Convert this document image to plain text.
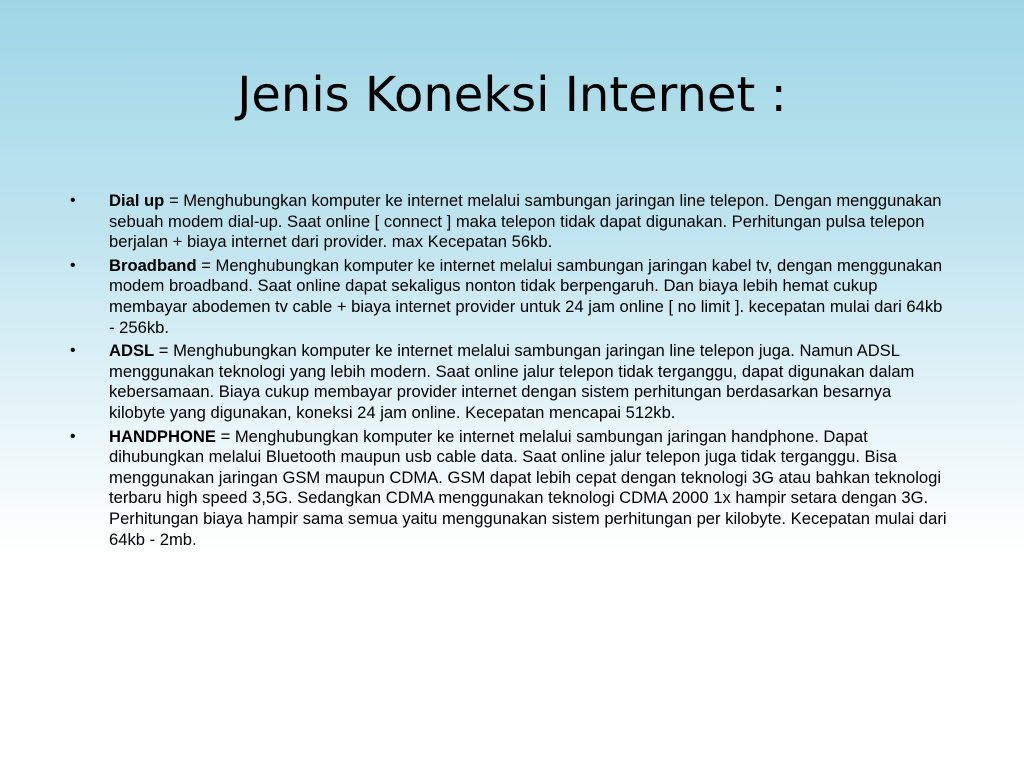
Jenis Koneksi Internet :
• Dial up = Menghubungkan komputer ke internet melalui sambungan jaringan line telepon. Dengan menggunakan sebuah modem dial-up. Saat online [ connect ] maka telepon tidak dapat digunakan. Perhitungan pulsa telepon berjalan + biaya internet dari provider. max Kecepatan 56kb.
• Broadband = Menghubungkan komputer ke internet melalui sambungan jaringan kabel tv, dengan menggunakan modem broadband. Saat online dapat sekaligus nonton tidak berpengaruh. Dan biaya lebih hemat cukup membayar abodemen tv cable + biaya internet provider untuk 24 jam online [ no limit ]. kecepatan mulai dari 64kb - 256kb.
• ADSL = Menghubungkan komputer ke internet melalui sambungan jaringan line telepon juga. Namun ADSL menggunakan teknologi yang lebih modern. Saat online jalur telepon tidak terganggu, dapat digunakan dalam kebersamaan. Biaya cukup membayar provider internet dengan sistem perhitungan berdasarkan besarnya kilobyte yang digunakan, koneksi 24 jam online. Kecepatan mencapai 512kb.
• HANDPHONE = Menghubungkan komputer ke internet melalui sambungan jaringan handphone. Dapat dihubungkan melalui Bluetooth maupun usb cable data. Saat online jalur telepon juga tidak terganggu. Bisa menggunakan jaringan GSM maupun CDMA. GSM dapat lebih cepat dengan teknologi 3G atau bahkan teknologi terbaru high speed 3,5G. Sedangkan CDMA menggunakan teknologi CDMA 2000 1x hampir setara dengan 3G. Perhitungan biaya hampir sama semua yaitu menggunakan sistem perhitungan per kilobyte. Kecepatan mulai dari 64kb - 2mb.
